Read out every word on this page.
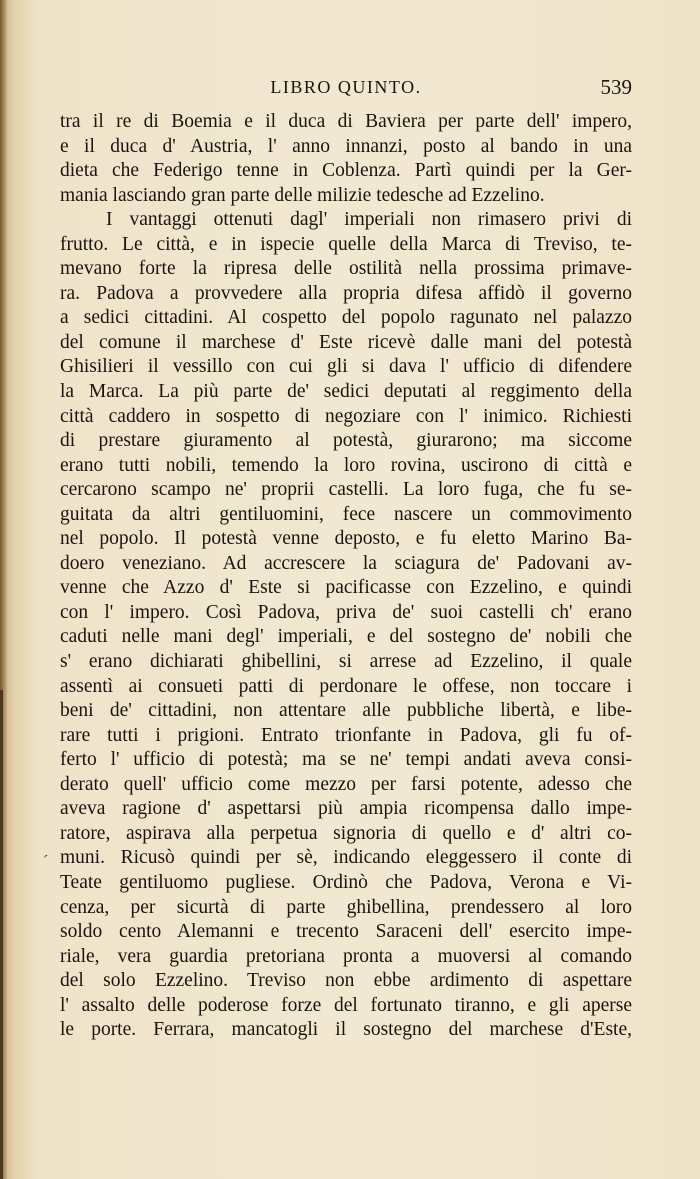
LIBRO QUINTO.	539
´
tra il re di Boemia e il duca di Baviera per parte dell' impero,
e il duca d' Austria, l' anno innanzi, posto al bando in una
dieta che Federigo tenne in Coblenza. Partì quindi per la Ger-
mania lasciando gran parte delle milizie tedesche ad Ezzelino.
I vantaggi ottenuti dagl' imperiali non rimasero privi di
frutto. Le città, e in ispecie quelle della Marca di Treviso, te-
mevano forte la ripresa delle ostilità nella prossima primave-
ra. Padova a provvedere alla propria difesa affidò il governo
a sedici cittadini. Al cospetto del popolo ragunato nel palazzo
del comune il marchese d' Este ricevè dalle mani del potestà
Ghisilieri il vessillo con cui gli si dava l' ufficio di difendere
la Marca. La più parte de' sedici deputati al reggimento della
città caddero in sospetto di negoziare con l' inimico. Richiesti
di prestare giuramento al potestà, giurarono; ma siccome
erano tutti nobili, temendo la loro rovina, uscirono di città e
cercarono scampo ne' proprii castelli. La loro fuga, che fu se-
guitata da altri gentiluomini, fece nascere un commovimento
nel popolo. Il potestà venne deposto, e fu eletto Marino Ba-
doero veneziano. Ad accrescere la sciagura de' Padovani av-
venne che Azzo d' Este si pacificasse con Ezzelino, e quindi
con l' impero. Così Padova, priva de' suoi castelli ch' erano
caduti nelle mani degl' imperiali, e del sostegno de' nobili che
s' erano dichiarati ghibellini, si arrese ad Ezzelino, il quale
assentì ai consueti patti di perdonare le offese, non toccare i
beni de' cittadini, non attentare alle pubbliche libertà, e libe-
rare tutti i prigioni. Entrato trionfante in Padova, gli fu of-
ferto l' ufficio di potestà; ma se ne' tempi andati aveva consi-
derato quell' ufficio come mezzo per farsi potente, adesso che
aveva ragione d' aspettarsi più ampia ricompensa dallo impe-
ratore, aspirava alla perpetua signoria di quello e d' altri co-
muni. Ricusò quindi per sè, indicando eleggessero il conte di
Teate gentiluomo pugliese. Ordinò che Padova, Verona e Vi-
cenza, per sicurtà di parte ghibellina, prendessero al loro
soldo cento Alemanni e trecento Saraceni dell' esercito impe-
riale, vera guardia pretoriana pronta a muoversi al comando
del solo Ezzelino. Treviso non ebbe ardimento di aspettare
l' assalto delle poderose forze del fortunato tiranno, e gli aperse
le porte. Ferrara, mancatogli il sostegno del marchese d'Este,
